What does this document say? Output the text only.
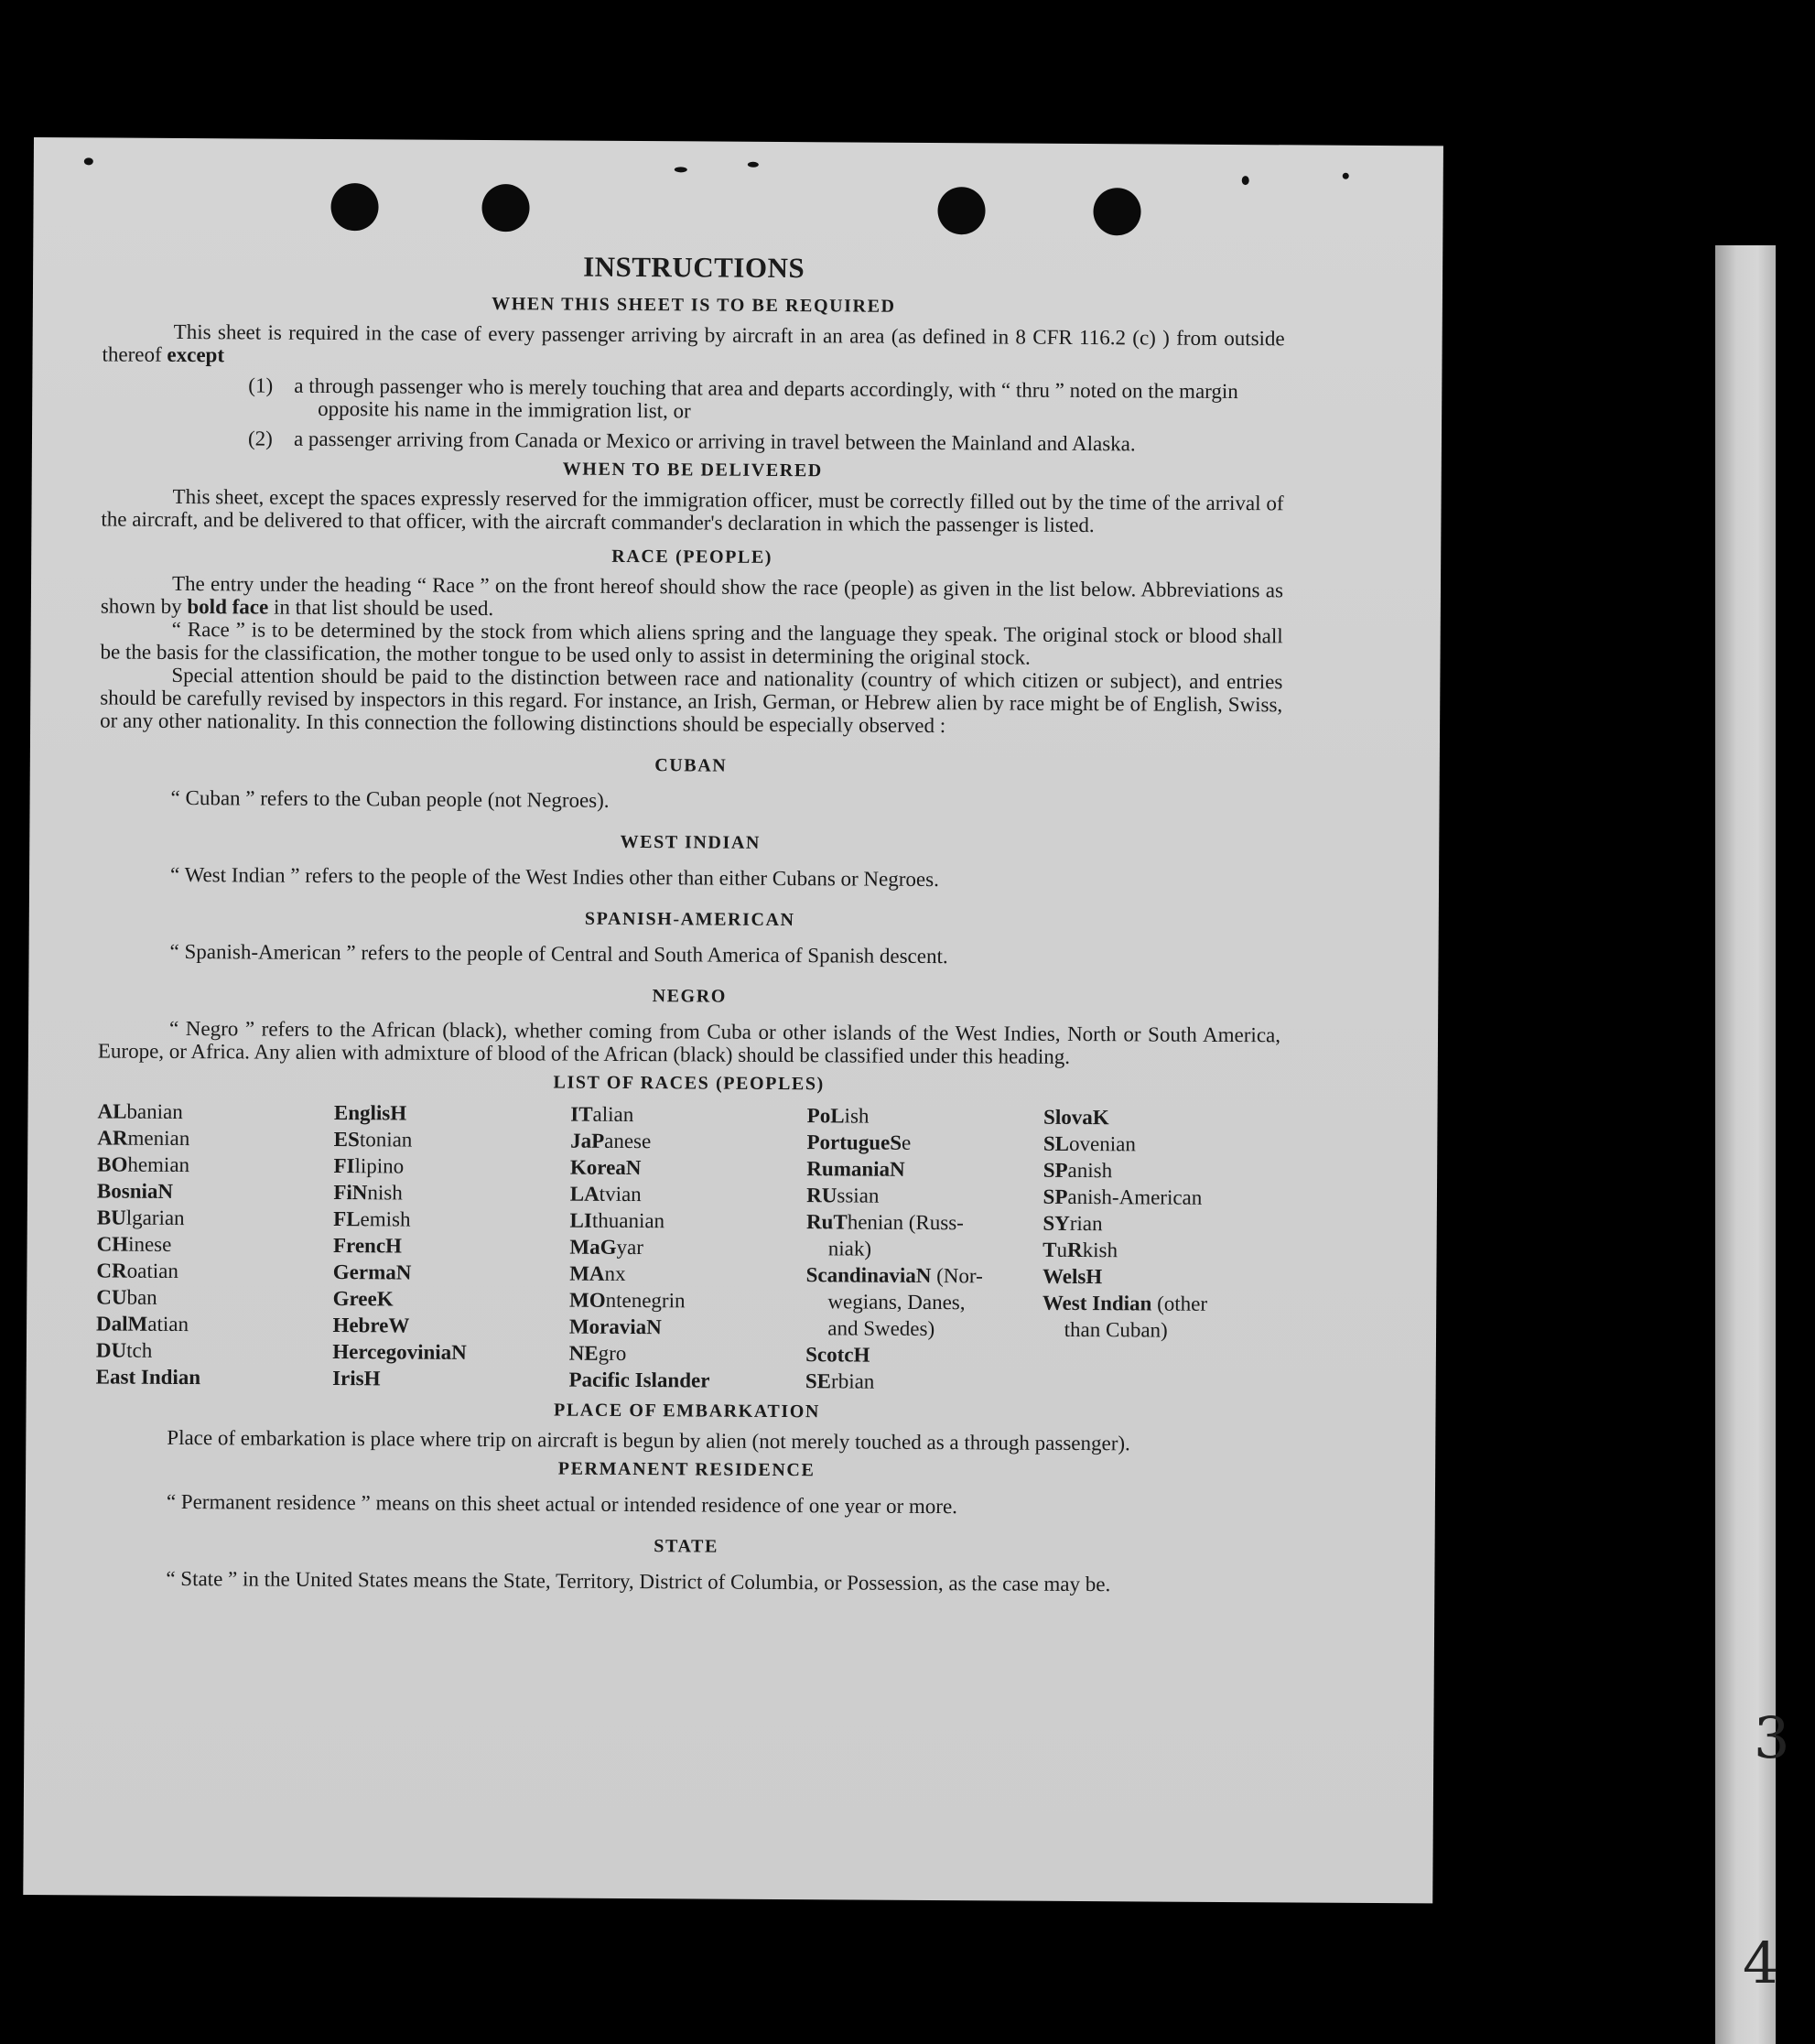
INSTRUCTIONS
WHEN THIS SHEET IS TO BE REQUIRED

This sheet is required in the case of every passenger arriving by aircraft in an area (as defined in 8 CFR 116.2 (c) ) from outside thereof except

(1) a through passenger who is merely touching that area and departs accordingly, with “ thru ” noted on the margin opposite his name in the immigration list, or

(2) a passenger arriving from Canada or Mexico or arriving in travel between the Mainland and Alaska.

WHEN TO BE DELIVERED

This sheet, except the spaces expressly reserved for the immigration officer, must be correctly filled out by the time of the arrival of the aircraft, and be delivered to that officer, with the aircraft commander's declaration in which the passenger is listed.

RACE (PEOPLE)

The entry under the heading “ Race ” on the front hereof should show the race (people) as given in the list below. Abbreviations as shown by bold face in that list should be used.

“ Race ” is to be determined by the stock from which aliens spring and the language they speak. The original stock or blood shall be the basis for the classification, the mother tongue to be used only to assist in determining the original stock.

Special attention should be paid to the distinction between race and nationality (country of which citizen or subject), and entries should be carefully revised by inspectors in this regard. For instance, an Irish, German, or Hebrew alien by race might be of English, Swiss, or any other nationality. In this connection the following distinctions should be especially observed :

CUBAN

“ Cuban ” refers to the Cuban people (not Negroes).

WEST INDIAN

“ West Indian ” refers to the people of the West Indies other than either Cubans or Negroes.

SPANISH-AMERICAN

“ Spanish-American ” refers to the people of Central and South America of Spanish descent.

NEGRO

“ Negro ” refers to the African (black), whether coming from Cuba or other islands of the West Indies, North or South America, Europe, or Africa. Any alien with admixture of blood of the African (black) should be classified under this heading.

LIST OF RACES (PEOPLES)
ALbanian
ARmenian
BOhemian
BosniaN
BUlgarian
CHinese
CRoatian
CUban
DalMatian
DUtch
East Indian
EnglisH
EStonian
FIlipino
FiNnish
FLemish
FrencH
GermaN
GreeK
HebreW
HercegoviniaN
IrisH
ITalian
JaPanese
KoreaN
LAtvian
LIthuanian
MaGyar
MAnx
MOntenegrin
MoraviaN
NEgro
Pacific Islander
PoLish
PortugueSe
RumaniaN
RUssian
RuThenian (Russ-
niak)
ScandinaviaN (Nor-
wegians, Danes,
and Swedes)
ScotcH
SErbian
SlovaK
SLovenian
SPanish
SPanish-American
SYrian
TuRkish
WelsH
West Indian (other
than Cuban)
PLACE OF EMBARKATION

Place of embarkation is place where trip on aircraft is begun by alien (not merely touched as a through passenger).

PERMANENT RESIDENCE

“ Permanent residence ” means on this sheet actual or intended residence of one year or more.

STATE

“ State ” in the United States means the State, Territory, District of Columbia, or Possession, as the case may be.

3
4
